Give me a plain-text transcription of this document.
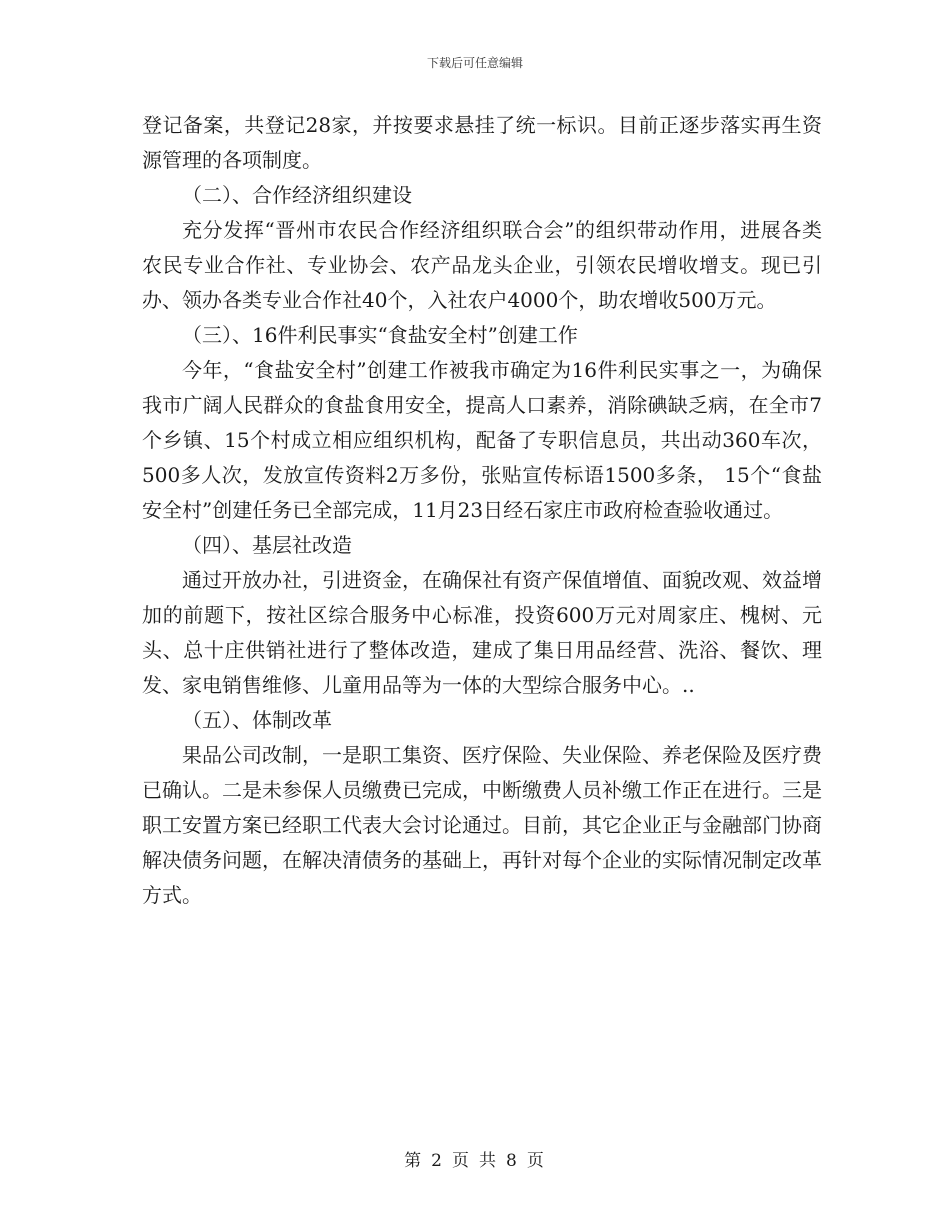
下载后可任意编辑

登记备案，共登记28家，并按要求悬挂了统一标识。目前正逐步落实再生资源管理的各项制度。

（二）、合作经济组织建设

充分发挥“晋州市农民合作经济组织联合会”的组织带动作用，进展各类农民专业合作社、专业协会、农产品龙头企业，引领农民增收增支。现已引办、领办各类专业合作社40个，入社农户4000个，助农增收500万元。

（三）、16件利民事实“食盐安全村”创建工作

今年，“食盐安全村”创建工作被我市确定为16件利民实事之一，为确保我市广阔人民群众的食盐食用安全，提高人口素养，消除碘缺乏病，在全市7个乡镇、15个村成立相应组织机构，配备了专职信息员，共出动360车次，500多人次，发放宣传资料2万多份，张贴宣传标语1500多条， 15个“食盐安全村”创建任务已全部完成，11月23日经石家庄市政府检查验收通过。

（四）、基层社改造

通过开放办社，引进资金，在确保社有资产保值增值、面貌改观、效益增加的前题下，按社区综合服务中心标准，投资600万元对周家庄、槐树、元头、总十庄供销社进行了整体改造，建成了集日用品经营、洗浴、餐饮、理发、家电销售维修、儿童用品等为一体的大型综合服务中心。..

（五）、体制改革

果品公司改制，一是职工集资、医疗保险、失业保险、养老保险及医疗费已确认。二是未参保人员缴费已完成，中断缴费人员补缴工作正在进行。三是职工安置方案已经职工代表大会讨论通过。目前，其它企业正与金融部门协商解决债务问题，在解决清债务的基础上，再针对每个企业的实际情况制定改革方式。

第 2 页 共 8 页
